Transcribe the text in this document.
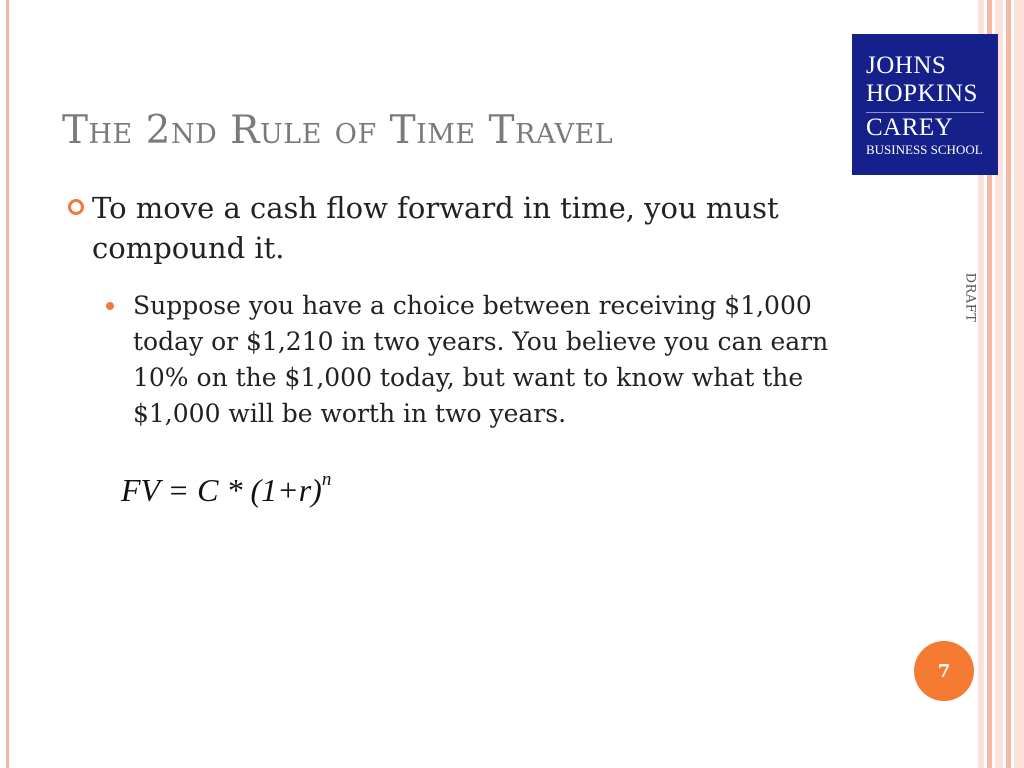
The 2nd Rule of Time Travel
JOHNS
HOPKINS
CAREY
BUSINESS SCHOOL
DRAFT
To move a cash flow forward in time, you must compound it.
Suppose you have a choice between receiving $1,000 today or $1,210 in two years. You believe you can earn 10% on the $1,000 today, but want to know what the $1,000 will be worth in two years.
FV = $C * (1+r)^n$
7
